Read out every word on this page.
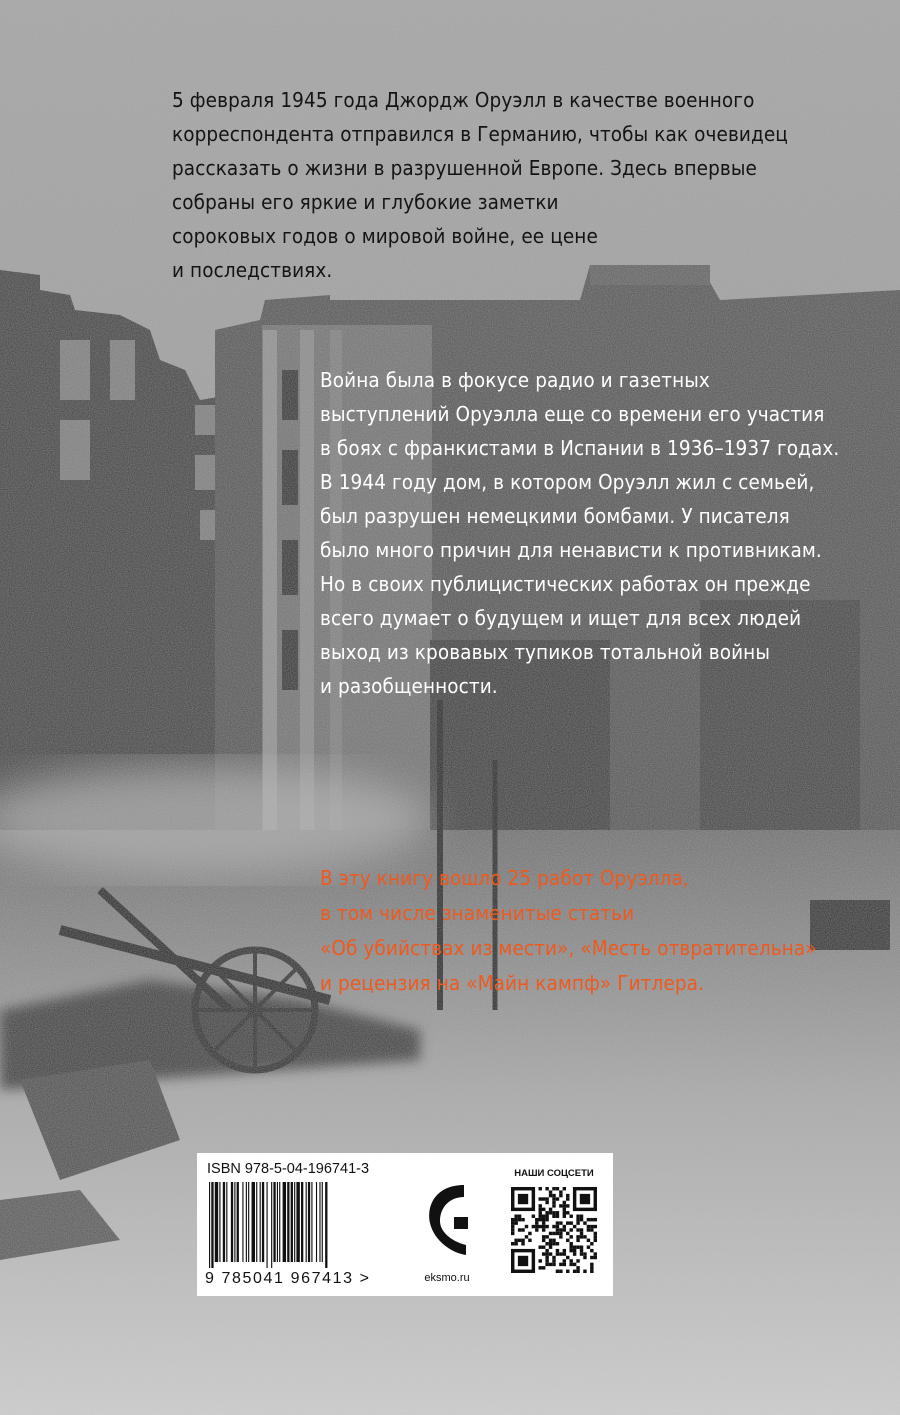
5 февраля 1945 года Джордж Оруэлл в качестве военного
корреспондента отправился в Германию, чтобы как очевидец
рассказать о жизни в разрушенной Европе. Здесь впервые
собраны его яркие и глубокие заметки
сороковых годов о мировой войне, ее цене
и последствиях.
Война была в фокусе радио и газетных
выступлений Оруэлла еще со времени его участия
в боях с франкистами в Испании в 1936–1937 годах.
В 1944 году дом, в котором Оруэлл жил с семьей,
был разрушен немецкими бомбами. У писателя
было много причин для ненависти к противникам.
Но в своих публицистических работах он прежде
всего думает о будущем и ищет для всех людей
выход из кровавых тупиков тотальной войны
и разобщенности.
В эту книгу вошло 25 работ Оруэлла,
в том числе знаменитые статьи
«Об убийствах из мести», «Месть отвратительна»
и рецензия на «Майн кампф» Гитлера.
ISBN 978-5-04-196741-3
9 785041 967413 >	eksmo.ru
НАШИ СОЦСЕТИ
